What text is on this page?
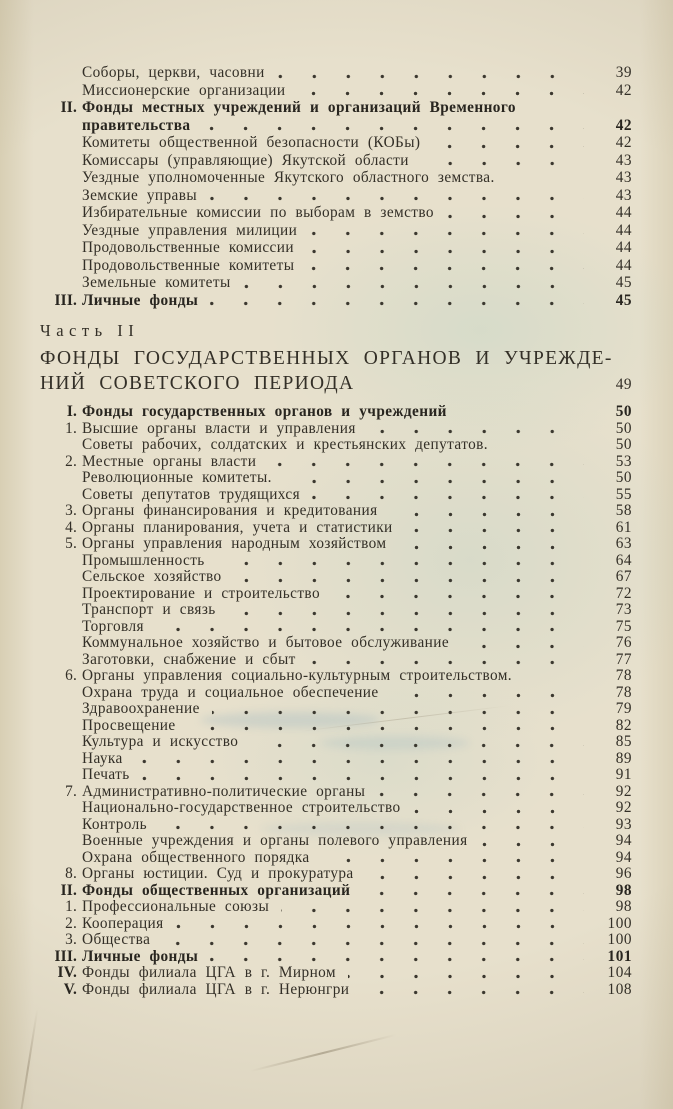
Соборы, церкви, часовни	39
Миссионерские организации	42
II. Фонды местных учреждений и организаций Временного
правительства	42
Комитеты общественной безопасности (КОБы)	42
Комиссары (управляющие) Якутской области	43
Уездные уполномоченные Якутского областного земства.	43
Земские управы	43
Избирательные комиссии по выборам в земство	44
Уездные управления милиции	44
Продовольственные комиссии	44
Продовольственные комитеты	44
Земельные комитеты	45
III. Личные фонды	45
Часть II
ФОНДЫ ГОСУДАРСТВЕННЫХ ОРГАНОВ И УЧРЕЖДЕ-
НИЙ СОВЕТСКОГО ПЕРИОДА	49
I. Фонды государственных органов и учреждений	50
1. Высшие органы власти и управления	50
Советы рабочих, солдатских и крестьянских депутатов.	50
2. Местные органы власти	53
Революционные комитеты.	50
Советы депутатов трудящихся	55
3. Органы финансирования и кредитования	58
4. Органы планирования, учета и статистики	61
5. Органы управления народным хозяйством	63
Промышленность	64
Сельское хозяйство	67
Проектирование и строительство	72
Транспорт и связь	73
Торговля	75
Коммунальное хозяйство и бытовое обслуживание	76
Заготовки, снабжение и сбыт	77
6. Органы управления социально-культурным строительством.	78
Охрана труда и социальное обеспечение	78
Здравоохранение	79
Просвещение	82
Культура и искусство	85
Наука	89
Печать	91
7. Административно-политические органы	92
Национально-государственное строительство	92
Контроль	93
Военные учреждения и органы полевого управления	94
Охрана общественного порядка	94
8. Органы юстиции. Суд и прокуратура	96
II. Фонды общественных организаций	98
1. Профессиональные союзы	98
2. Кооперация	100
3. Общества	100
III. Личные фонды	101
IV. Фонды филиала ЦГА в г. Мирном	104
V. Фонды филиала ЦГА в г. Нерюнгри	108
